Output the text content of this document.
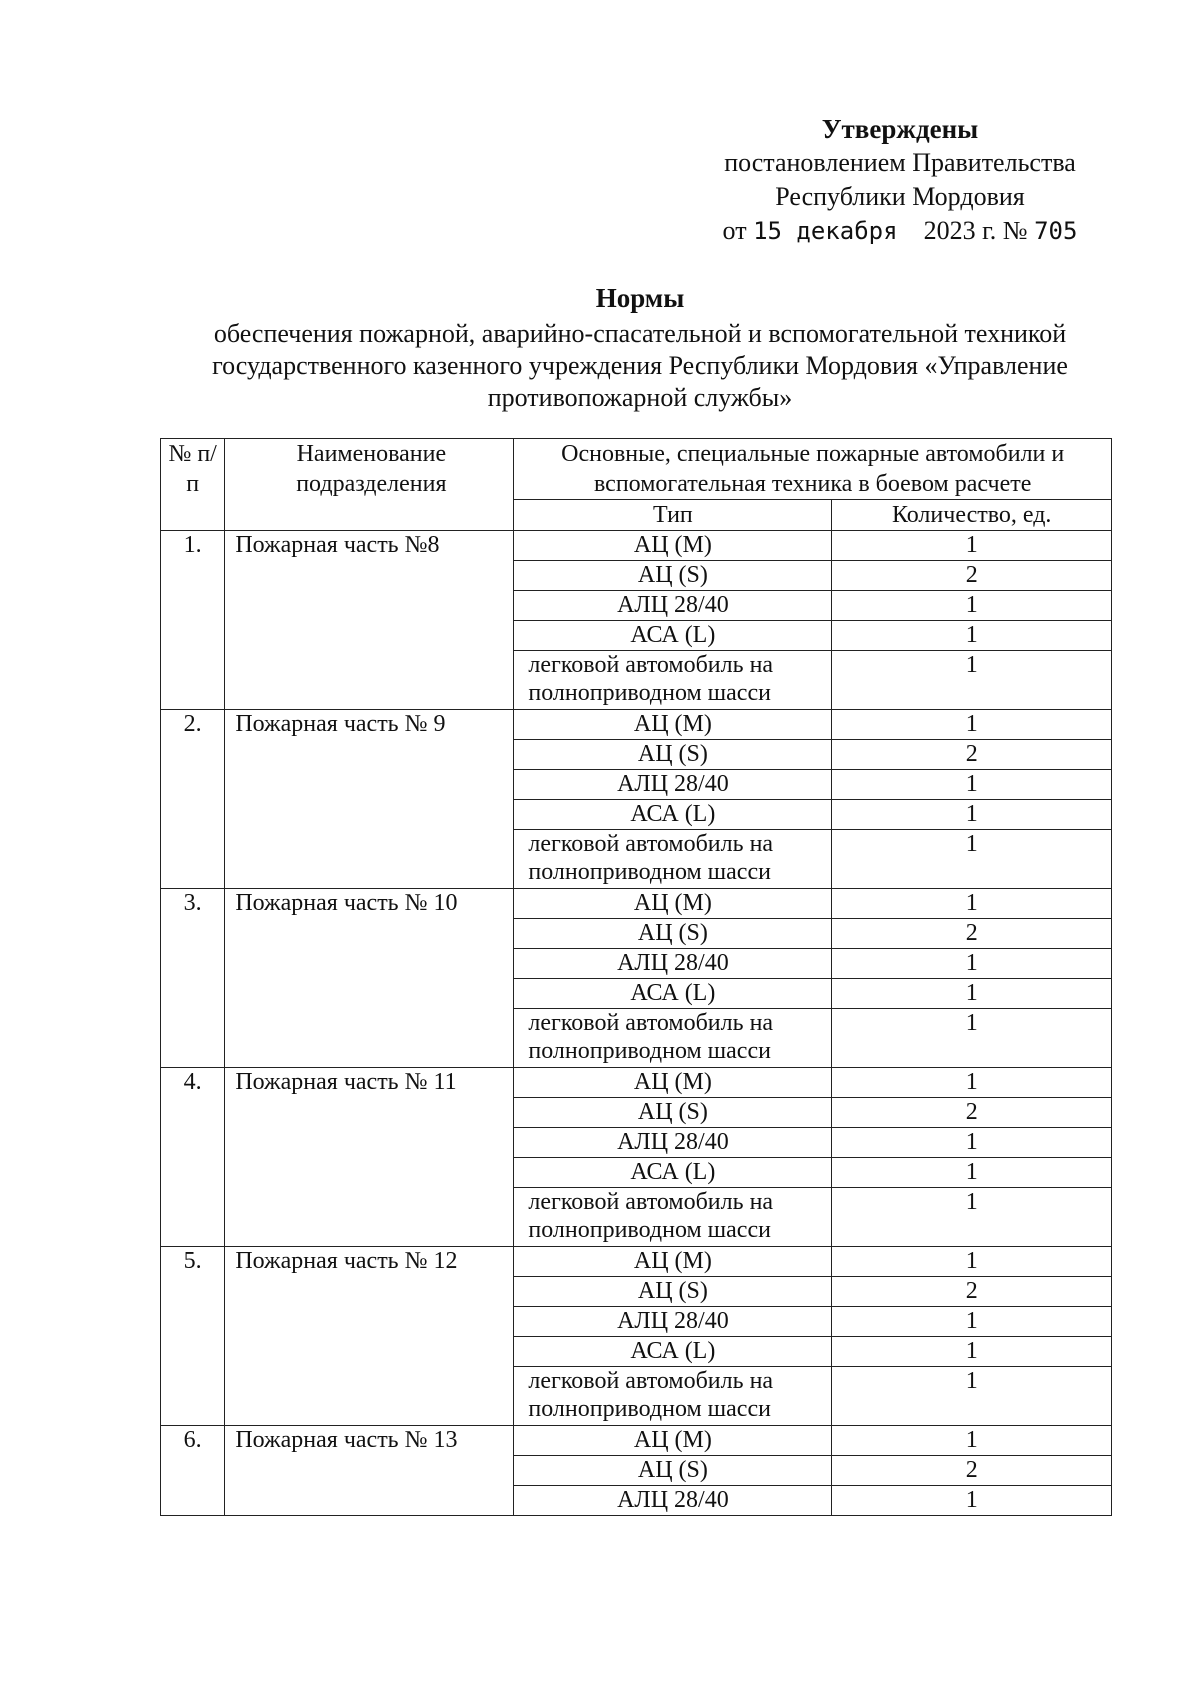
Утверждены
постановлением Правительства
Республики Мордовия
от 15 декабря 2023 г. № 705
Нормы
обеспечения пожарной, аварийно-спасательной и вспомогательной техникой
государственного казенного учреждения Республики Мордовия «Управление
противопожарной службы»
№ п/п	Наименование подразделения	Основные, специальные пожарные автомобили и вспомогательная техника в боевом расчете	
		Тип	Количество, ед.
1.	Пожарная часть №8	АЦ (М)	1
		АЦ (S)	2
		АЛЦ 28/40	1
		АСА (L)	1
		легковой автомобиль на полноприводном шасси	1
2.	Пожарная часть № 9	АЦ (М)	1
		АЦ (S)	2
		АЛЦ 28/40	1
		АСА (L)	1
		легковой автомобиль на полноприводном шасси	1
3.	Пожарная часть № 10	АЦ (М)	1
		АЦ (S)	2
		АЛЦ 28/40	1
		АСА (L)	1
		легковой автомобиль на полноприводном шасси	1
4.	Пожарная часть № 11	АЦ (М)	1
		АЦ (S)	2
		АЛЦ 28/40	1
		АСА (L)	1
		легковой автомобиль на полноприводном шасси	1
5.	Пожарная часть № 12	АЦ (М)	1
		АЦ (S)	2
		АЛЦ 28/40	1
		АСА (L)	1
		легковой автомобиль на полноприводном шасси	1
6.	Пожарная часть № 13	АЦ (М)	1
		АЦ (S)	2
		АЛЦ 28/40	1
